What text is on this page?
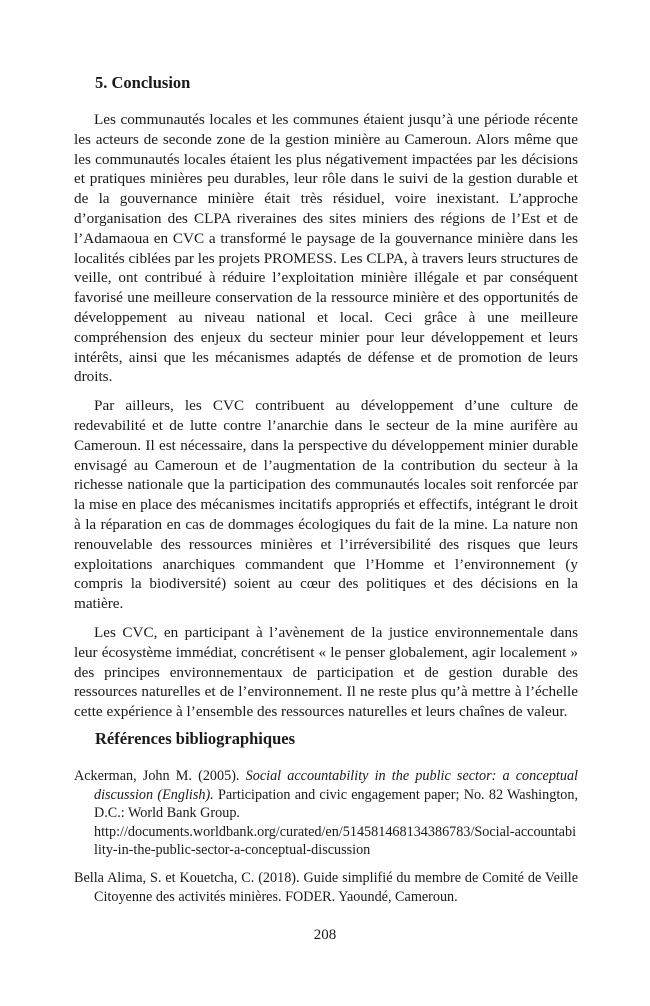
5. Conclusion

Les communautés locales et les communes étaient jusqu’à une période récente les acteurs de seconde zone de la gestion minière au Cameroun. Alors même que les communautés locales étaient les plus négativement impactées par les décisions et pratiques minières peu durables, leur rôle dans le suivi de la gestion durable et de la gouvernance minière était très résiduel, voire inexistant. L’approche d’organisation des CLPA riveraines des sites miniers des régions de l’Est et de l’Adamaoua en CVC a transformé le paysage de la gouvernance minière dans les localités ciblées par les projets PROMESS. Les CLPA, à travers leurs structures de veille, ont contribué à réduire l’exploitation minière illégale et par conséquent favorisé une meilleure conservation de la ressource minière et des opportunités de développement au niveau national et local. Ceci grâce à une meilleure compréhension des enjeux du secteur minier pour leur développement et leurs intérêts, ainsi que les mécanismes adaptés de défense et de promotion de leurs droits.

Par ailleurs, les CVC contribuent au développement d’une culture de redevabilité et de lutte contre l’anarchie dans le secteur de la mine aurifère au Cameroun. Il est nécessaire, dans la perspective du développement minier durable envisagé au Cameroun et de l’augmentation de la contribution du secteur à la richesse nationale que la participation des communautés locales soit renforcée par la mise en place des mécanismes incitatifs appropriés et effectifs, intégrant le droit à la réparation en cas de dommages écologiques du fait de la mine. La nature non renouvelable des ressources minières et l’irréversibilité des risques que leurs exploitations anarchiques commandent que l’Homme et l’environnement (y compris la biodiversité) soient au cœur des politiques et des décisions en la matière.

Les CVC, en participant à l’avènement de la justice environnementale dans leur écosystème immédiat, concrétisent « le penser globalement, agir localement » des principes environnementaux de participation et de gestion durable des ressources naturelles et de l’environnement. Il ne reste plus qu’à mettre à l’échelle cette expérience à l’ensemble des ressources naturelles et leurs chaînes de valeur.

Références bibliographiques

Ackerman, John M. (2005). Social accountability in the public sector: a conceptual discussion (English). Participation and civic engagement paper; No. 82 Washington, D.C.: World Bank Group.
http://documents.worldbank.org/curated/en/514581468134386783/Social-accountability-in-the-public-sector-a-conceptual-discussion

Bella Alima, S. et Kouetcha, C. (2018). Guide simplifié du membre de Comité de Veille Citoyenne des activités minières. FODER. Yaoundé, Cameroun.

208
